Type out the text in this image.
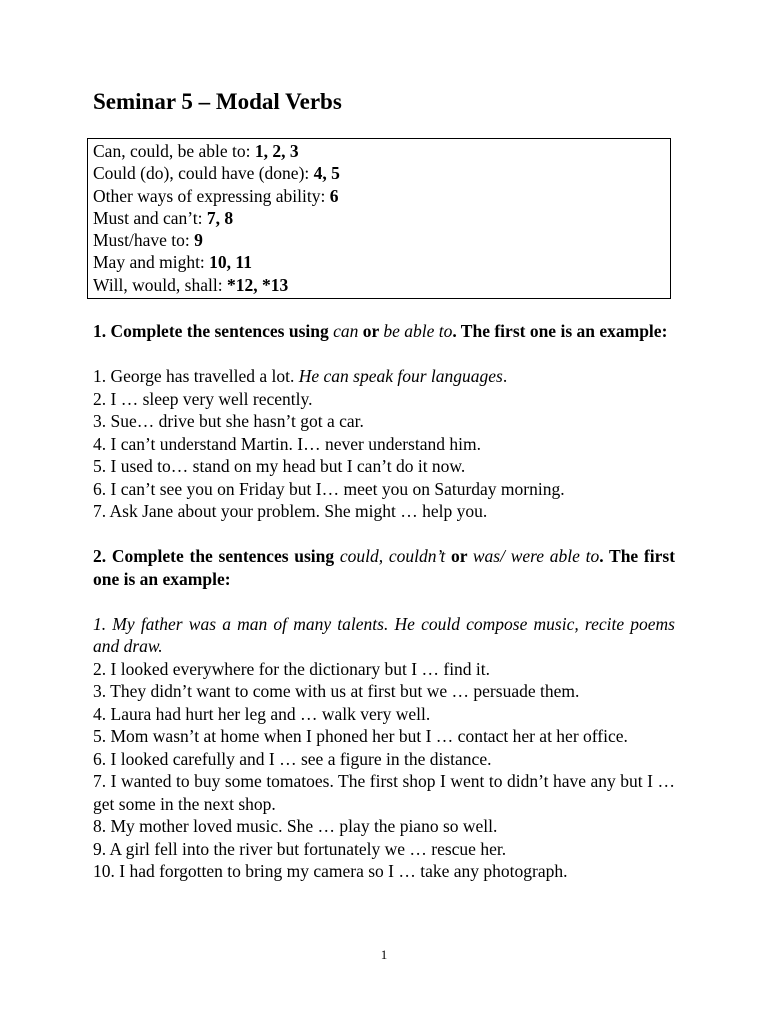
Seminar 5 – Modal Verbs
Can, could, be able to: 1, 2, 3
Could (do), could have (done): 4, 5
Other ways of expressing ability: 6
Must and can’t: 7, 8
Must/have to: 9
May and might: 10, 11
Will, would, shall: *12, *13
1. Complete the sentences using can or be able to. The first one is an example:
1. George has travelled a lot. He can speak four languages.
2. I … sleep very well recently.
3. Sue… drive but she hasn’t got a car.
4. I can’t understand Martin. I… never understand him.
5. I used to… stand on my head but I can’t do it now.
6. I can’t see you on Friday but I… meet you on Saturday morning.
7. Ask Jane about your problem. She might … help you.
2. Complete the sentences using could, couldn’t or was/ were able to. The first one is an example:
1. My father was a man of many talents. He could compose music, recite poems and draw.
2. I looked everywhere for the dictionary but I … find it.
3. They didn’t want to come with us at first but we … persuade them.
4. Laura had hurt her leg and … walk very well.
5. Mom wasn’t at home when I phoned her but I … contact her at her office.
6. I looked carefully and I … see a figure in the distance.
7. I wanted to buy some tomatoes. The first shop I went to didn’t have any but I … get some in the next shop.
8. My mother loved music. She … play the piano so well.
9. A girl fell into the river but fortunately we … rescue her.
10. I had forgotten to bring my camera so I … take any photograph.
1
